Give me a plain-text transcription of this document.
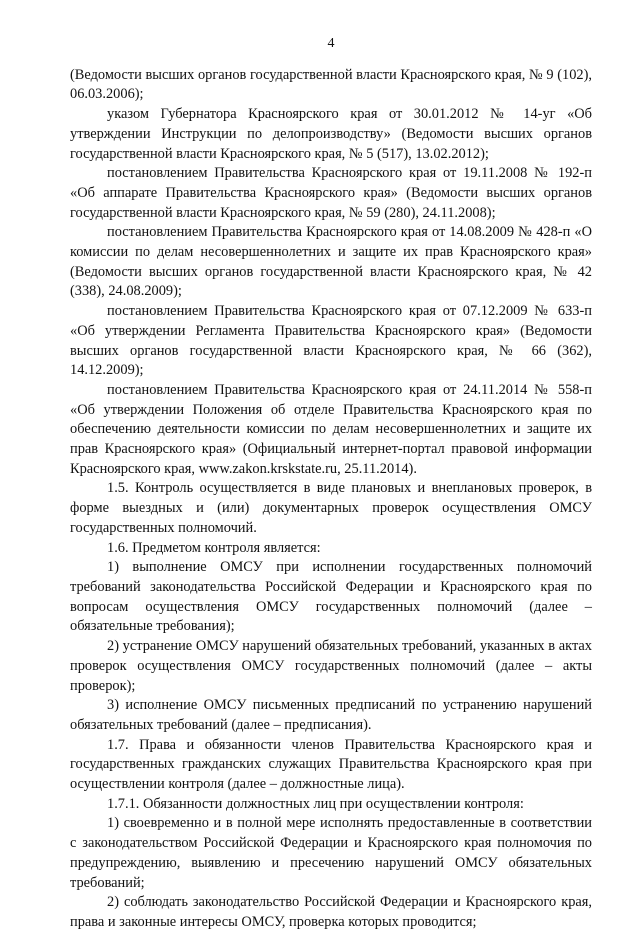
4

(Ведомости высших органов государственной власти Красноярского края, № 9 (102), 06.03.2006);

указом Губернатора Красноярского края от 30.01.2012 № 14-уг «Об утверждении Инструкции по делопроизводству» (Ведомости высших органов государственной власти Красноярского края, № 5 (517), 13.02.2012);

постановлением Правительства Красноярского края от 19.11.2008 № 192-п «Об аппарате Правительства Красноярского края» (Ведомости высших органов государственной власти Красноярского края, № 59 (280), 24.11.2008);

постановлением Правительства Красноярского края от 14.08.2009 № 428-п «О комиссии по делам несовершеннолетних и защите их прав Красноярского края» (Ведомости высших органов государственной власти Красноярского края, № 42 (338), 24.08.2009);

постановлением Правительства Красноярского края от 07.12.2009 № 633-п «Об утверждении Регламента Правительства Красноярского края» (Ведомости высших органов государственной власти Красноярского края, № 66 (362), 14.12.2009);

постановлением Правительства Красноярского края от 24.11.2014 № 558-п «Об утверждении Положения об отделе Правительства Красноярского края по обеспечению деятельности комиссии по делам несовершеннолетних и защите их прав Красноярского края» (Официальный интернет-портал правовой информации Красноярского края, www.zakon.krskstate.ru, 25.11.2014).

1.5. Контроль осуществляется в виде плановых и внеплановых проверок, в форме выездных и (или) документарных проверок осуществления ОМСУ государственных полномочий.

1.6. Предметом контроля является:

1) выполнение ОМСУ при исполнении государственных полномочий требований законодательства Российской Федерации и Красноярского края по вопросам осуществления ОМСУ государственных полномочий (далее – обязательные требования);

2) устранение ОМСУ нарушений обязательных требований, указанных в актах проверок осуществления ОМСУ государственных полномочий (далее – акты проверок);

3) исполнение ОМСУ письменных предписаний по устранению нарушений обязательных требований (далее – предписания).

1.7. Права и обязанности членов Правительства Красноярского края и государственных гражданских служащих Правительства Красноярского края при осуществлении контроля (далее – должностные лица).

1.7.1. Обязанности должностных лиц при осуществлении контроля:

1) своевременно и в полной мере исполнять предоставленные в соответствии с законодательством Российской Федерации и Красноярского края полномочия по предупреждению, выявлению и пресечению нарушений ОМСУ обязательных требований;

2) соблюдать законодательство Российской Федерации и Красноярского края, права и законные интересы ОМСУ, проверка которых проводится;
